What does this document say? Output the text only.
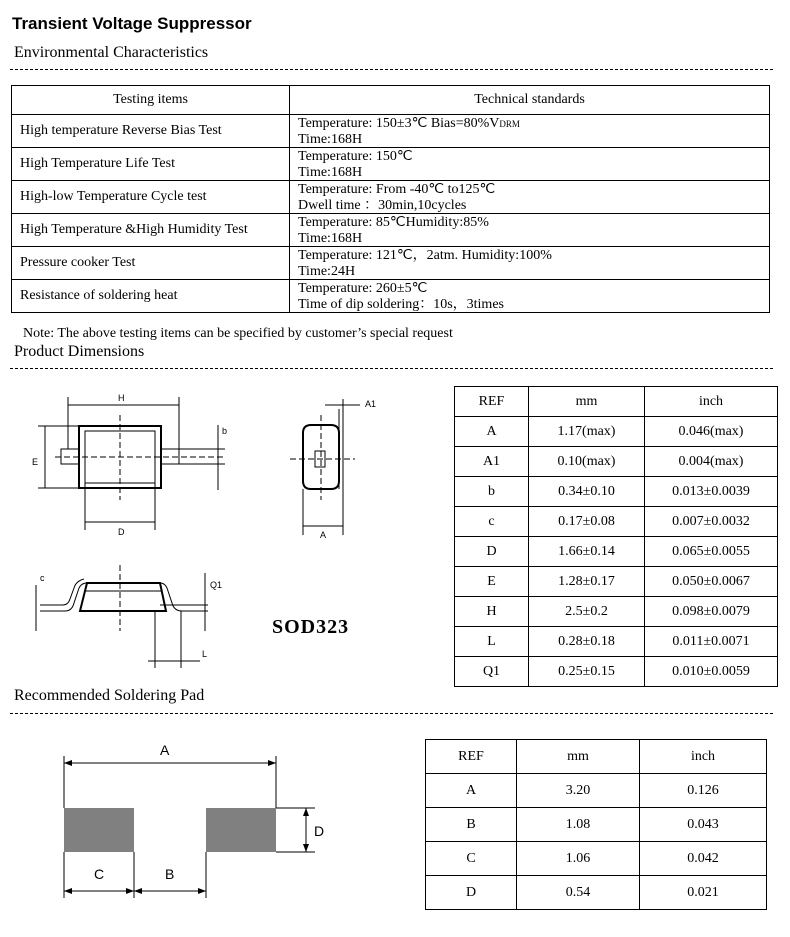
Transient Voltage Suppressor
Environmental Characteristics
Testing items	Technical standards
High temperature Reverse Bias Test	Temperature: 150±3℃ Bias=80%VDRM
Time:168H
High Temperature Life Test	Temperature: 150℃
Time:168H
High-low Temperature Cycle test	Temperature: From -40℃ to125℃
Dwell time ：30min,10cycles
High Temperature &High Humidity Test	Temperature: 85℃Humidity:85%
Time:168H
Pressure cooker Test	Temperature: 121℃，2atm. Humidity:100%
Time:24H
Resistance of soldering heat	Temperature: 260±5℃
Time of dip soldering：10s，3times
Note: The above testing items can be specified by customer’s special request
Product Dimensions
H
b
E
D
A1
A
c
Q1
L
SOD323
REF	mm	inch
A	1.17(max)	0.046(max)
A1	0.10(max)	0.004(max)
b	0.34±0.10	0.013±0.0039
c	0.17±0.08	0.007±0.0032
D	1.66±0.14	0.065±0.0055
E	1.28±0.17	0.050±0.0067
H	2.5±0.2	0.098±0.0079
L	0.28±0.18	0.011±0.0071
Q1	0.25±0.15	0.010±0.0059
Recommended Soldering Pad
A
D
C	B
REF	mm	inch
A	3.20	0.126
B	1.08	0.043
C	1.06	0.042
D	0.54	0.021
